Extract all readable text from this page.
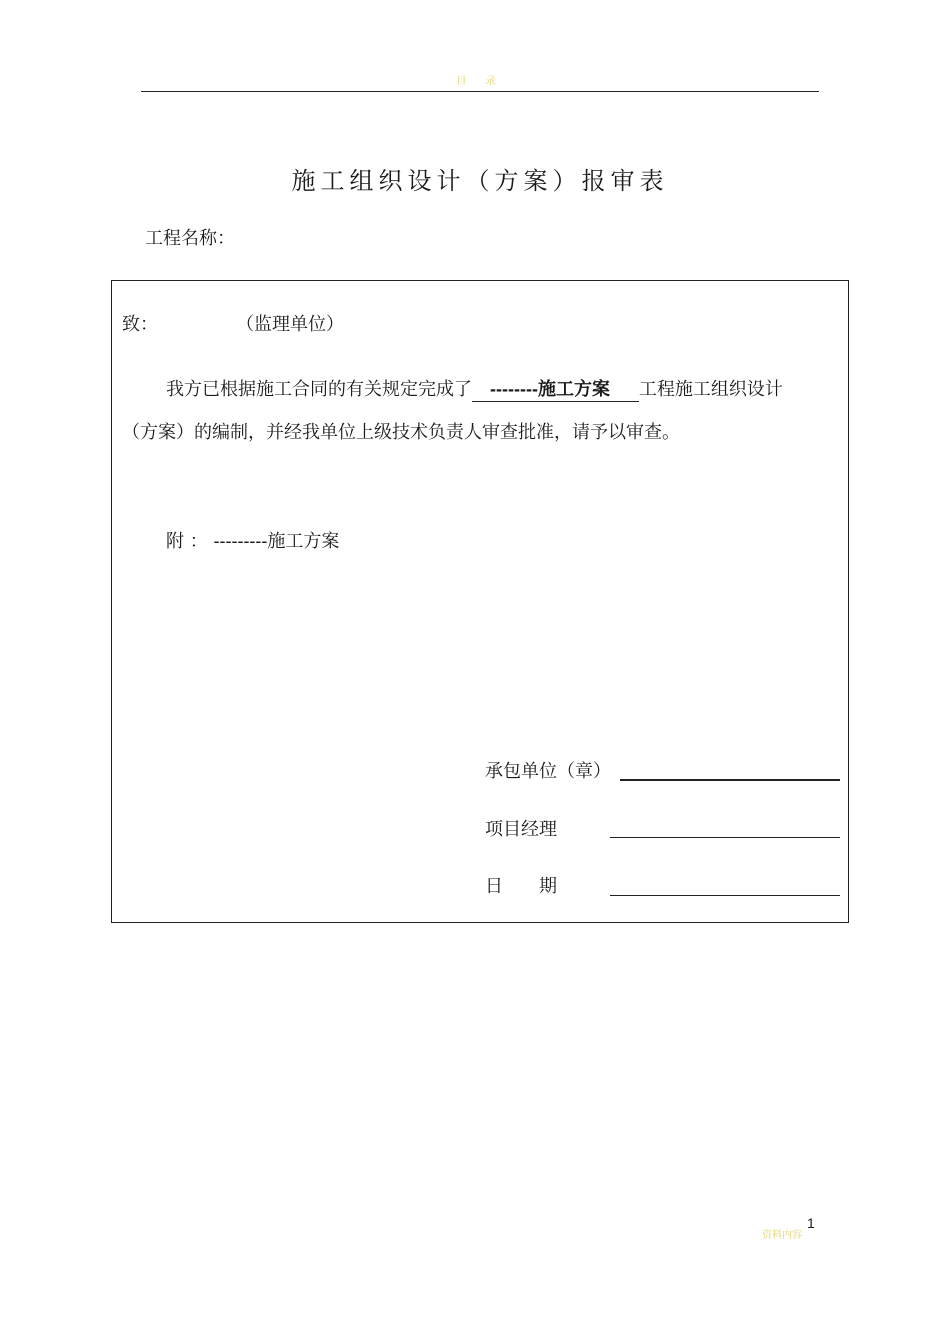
目 录
施工组织设计（方案）报审表
工程名称：
致：	（监理单位）
我方已根据施工合同的有关规定完成了 --------施工方案 工程施工组织设计
（方案）的编制，并经我单位上级技术负责人审查批准，请予以审查。
附 ： ---------施工方案
承包单位（章）
项目经理
日　　期
资料内容
1
